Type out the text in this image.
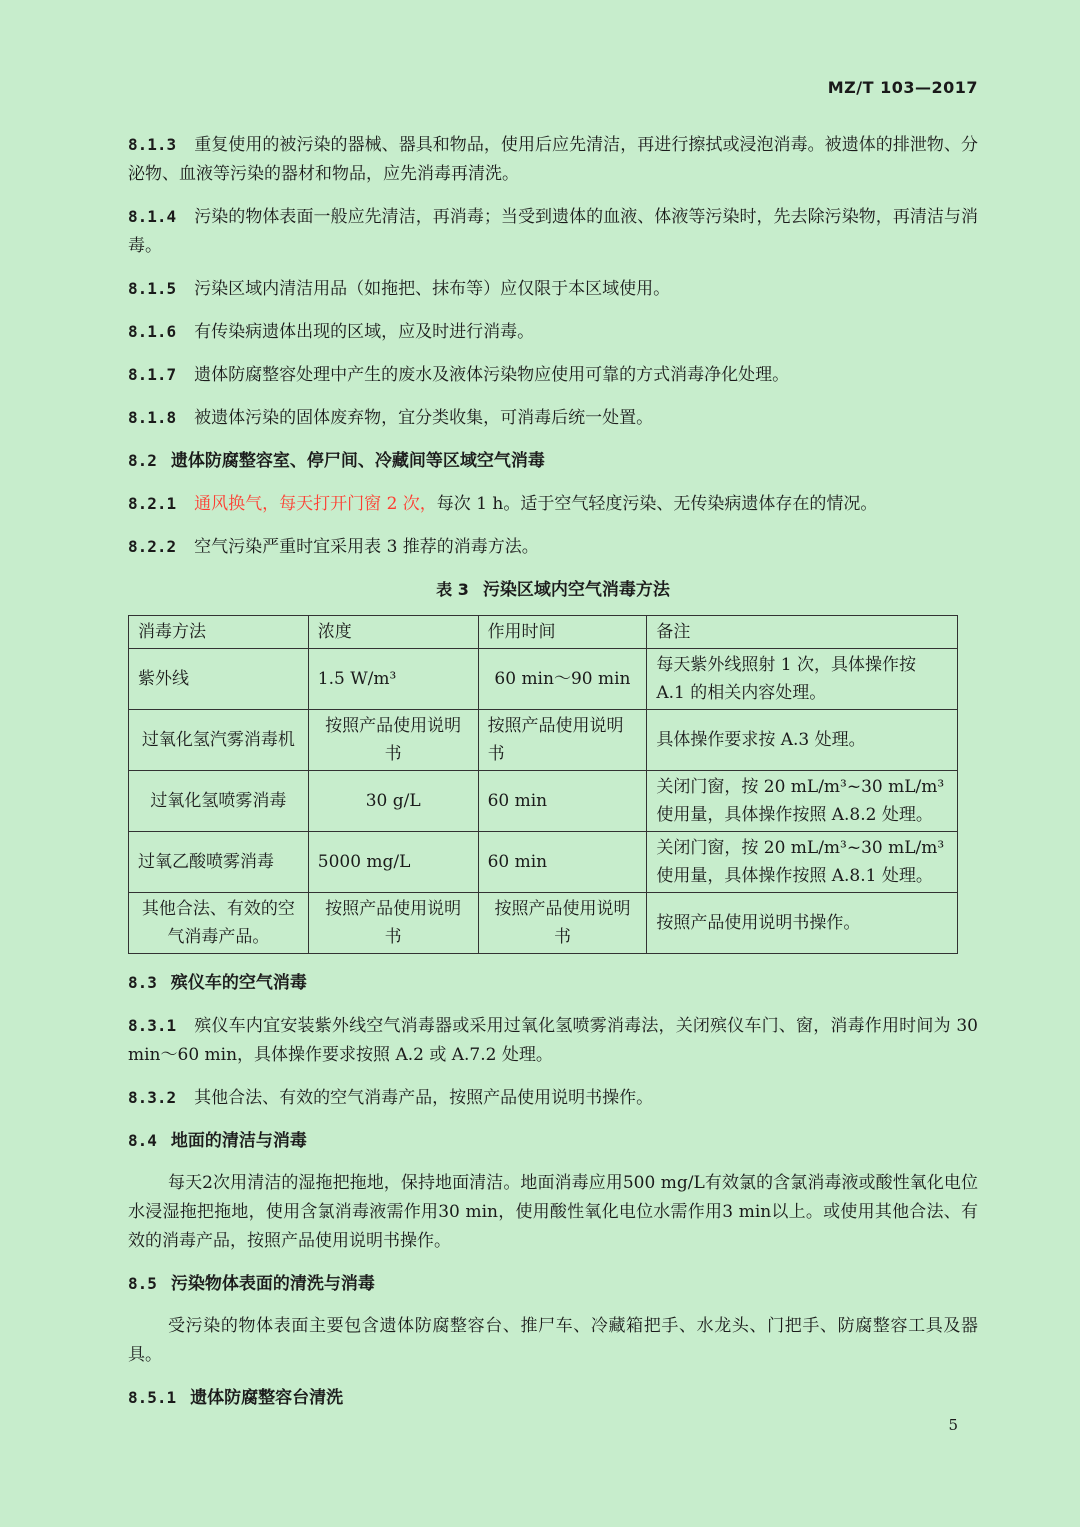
MZ/T 103—2017

8.1.3 重复使用的被污染的器械、器具和物品，使用后应先清洁，再进行擦拭或浸泡消毒。被遗体的排泄物、分泌物、血液等污染的器材和物品，应先消毒再清洗。

8.1.4 污染的物体表面一般应先清洁，再消毒；当受到遗体的血液、体液等污染时，先去除污染物，再清洁与消毒。

8.1.5 污染区域内清洁用品（如拖把、抹布等）应仅限于本区域使用。

8.1.6 有传染病遗体出现的区域，应及时进行消毒。

8.1.7 遗体防腐整容处理中产生的废水及液体污染物应使用可靠的方式消毒净化处理。

8.1.8 被遗体污染的固体废弃物，宜分类收集，可消毒后统一处置。

8.2 遗体防腐整容室、停尸间、冷藏间等区域空气消毒

8.2.1 通风换气，每天打开门窗 2 次，每次 1 h。适于空气轻度污染、无传染病遗体存在的情况。

8.2.2 空气污染严重时宜采用表 3 推荐的消毒方法。

表 3 污染区域内空气消毒方法
消毒方法	浓度	作用时间	备注
紫外线	1.5 W/m³	60 min～90 min	每天紫外线照射 1 次，具体操作按 A.1 的相关内容处理。
过氧化氢汽雾消毒机	按照产品使用说明书	按照产品使用说明书	具体操作要求按 A.3 处理。
过氧化氢喷雾消毒	30 g/L	60 min	关闭门窗，按 20 mL/m³~30 mL/m³ 使用量，具体操作按照 A.8.2 处理。
过氧乙酸喷雾消毒	5000 mg/L	60 min	关闭门窗，按 20 mL/m³~30 mL/m³ 使用量，具体操作按照 A.8.1 处理。
其他合法、有效的空气消毒产品。	按照产品使用说明书	按照产品使用说明书	按照产品使用说明书操作。

8.3 殡仪车的空气消毒

8.3.1 殡仪车内宜安装紫外线空气消毒器或采用过氧化氢喷雾消毒法，关闭殡仪车门、窗，消毒作用时间为 30 min～60 min，具体操作要求按照 A.2 或 A.7.2 处理。

8.3.2 其他合法、有效的空气消毒产品，按照产品使用说明书操作。

8.4 地面的清洁与消毒

每天2次用清洁的湿拖把拖地，保持地面清洁。地面消毒应用500 mg/L有效氯的含氯消毒液或酸性氧化电位水浸湿拖把拖地，使用含氯消毒液需作用30 min，使用酸性氧化电位水需作用3 min以上。或使用其他合法、有效的消毒产品，按照产品使用说明书操作。

8.5 污染物体表面的清洗与消毒

受污染的物体表面主要包含遗体防腐整容台、推尸车、冷藏箱把手、水龙头、门把手、防腐整容工具及器具。

8.5.1 遗体防腐整容台清洗

5
